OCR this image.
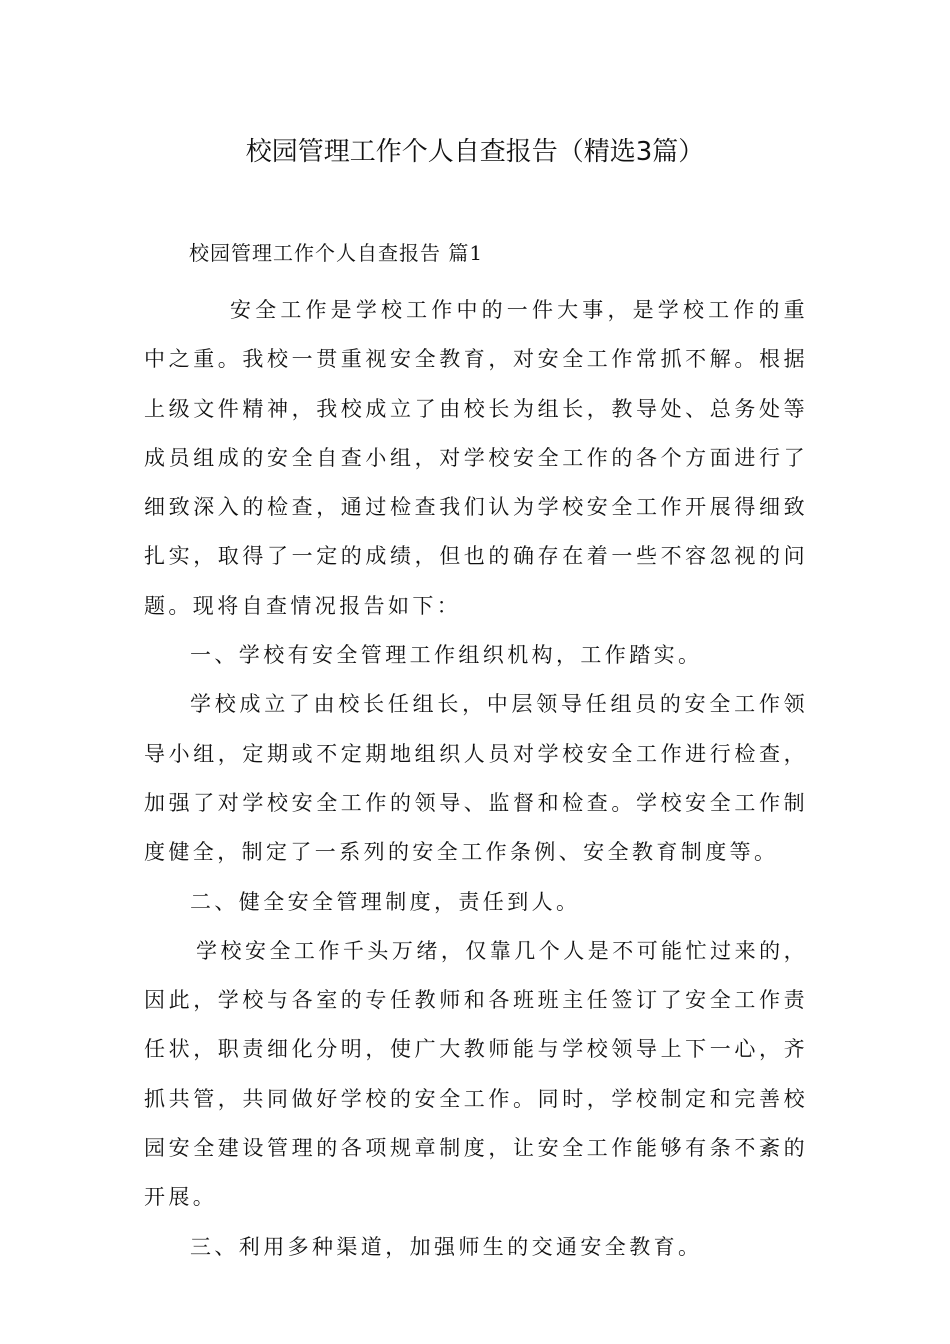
校园管理工作个人自查报告（精选3篇）

校园管理工作个人自查报告 篇1

安全工作是学校工作中的一件大事，是学校工作的重中之重。我校一贯重视安全教育，对安全工作常抓不解。根据上级文件精神，我校成立了由校长为组长，教导处、总务处等成员组成的安全自查小组，对学校安全工作的各个方面进行了细致深入的检查，通过检查我们认为学校安全工作开展得细致扎实，取得了一定的成绩，但也的确存在着一些不容忽视的问题。现将自查情况报告如下：

一、学校有安全管理工作组织机构，工作踏实。

学校成立了由校长任组长，中层领导任组员的安全工作领导小组，定期或不定期地组织人员对学校安全工作进行检查，加强了对学校安全工作的领导、监督和检查。学校安全工作制度健全，制定了一系列的安全工作条例、安全教育制度等。

二、健全安全管理制度，责任到人。

学校安全工作千头万绪，仅靠几个人是不可能忙过来的，因此，学校与各室的专任教师和各班班主任签订了安全工作责任状，职责细化分明，使广大教师能与学校领导上下一心，齐抓共管，共同做好学校的安全工作。同时，学校制定和完善校园安全建设管理的各项规章制度，让安全工作能够有条不紊的开展。

三、利用多种渠道，加强师生的交通安全教育。
